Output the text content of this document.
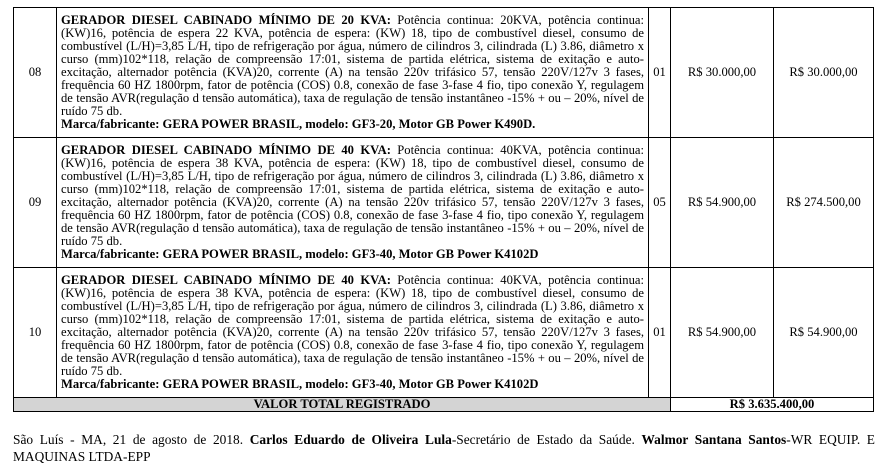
08	GERADOR DIESEL CABINADO MÍNIMO DE 20 KVA: Potência continua: 20KVA, potência continua: (KW)16, potência de espera 22 KVA, potência de espera: (KW) 18, tipo de combustível diesel, consumo de combustível (L/H)=3,85 L/H, tipo de refrigeração por água, número de cilindros 3, cilindrada (L) 3.86, diâmetro x curso (mm)102*118, relação de compreensão 17:01, sistema de partida elétrica, sistema de exitação e auto-excitação, alternador potência (KVA)20, corrente (A) na tensão 220v trifásico 57, tensão 220V/127v 3 fases, frequência 60 HZ 1800rpm, fator de potência (COS) 0.8, conexão de fase 3-fase 4 fio, tipo conexão Y, regulagem de tensão AVR(regulação d tensão automática), taxa de regulação de tensão instantâneo -15% + ou – 20%, nível de ruído 75 db.
Marca/fabricante: GERA POWER BRASIL, modelo: GF3-20, Motor GB Power K490D.	01	R$ 30.000,00	R$ 30.000,00
09	GERADOR DIESEL CABINADO MÍNIMO DE 40 KVA: Potência continua: 40KVA, potência continua: (KW)16, potência de espera 38 KVA, potência de espera: (KW) 18, tipo de combustível diesel, consumo de combustível (L/H)=3,85 L/H, tipo de refrigeração por água, número de cilindros 3, cilindrada (L) 3.86, diâmetro x curso (mm)102*118, relação de compreensão 17:01, sistema de partida elétrica, sistema de exitação e auto-excitação, alternador potência (KVA)20, corrente (A) na tensão 220v trifásico 57, tensão 220V/127v 3 fases, frequência 60 HZ 1800rpm, fator de potência (COS) 0.8, conexão de fase 3-fase 4 fio, tipo conexão Y, regulagem de tensão AVR(regulação d tensão automática), taxa de regulação de tensão instantâneo -15% + ou – 20%, nível de ruído 75 db.
Marca/fabricante: GERA POWER BRASIL, modelo: GF3-40, Motor GB Power K4102D	05	R$ 54.900,00	R$ 274.500,00
10	GERADOR DIESEL CABINADO MÍNIMO DE 40 KVA: Potência continua: 40KVA, potência continua: (KW)16, potência de espera 38 KVA, potência de espera: (KW) 18, tipo de combustível diesel, consumo de combustível (L/H)=3,85 L/H, tipo de refrigeração por água, número de cilindros 3, cilindrada (L) 3.86, diâmetro x curso (mm)102*118, relação de compreensão 17:01, sistema de partida elétrica, sistema de exitação e auto-excitação, alternador potência (KVA)20, corrente (A) na tensão 220v trifásico 57, tensão 220V/127v 3 fases, frequência 60 HZ 1800rpm, fator de potência (COS) 0.8, conexão de fase 3-fase 4 fio, tipo conexão Y, regulagem de tensão AVR(regulação d tensão automática), taxa de regulação de tensão instantâneo -15% + ou – 20%, nível de ruído 75 db.
Marca/fabricante: GERA POWER BRASIL, modelo: GF3-40, Motor GB Power K4102D	01	R$ 54.900,00	R$ 54.900,00
VALOR TOTAL REGISTRADO			R$ 3.635.400,00	
São Luís - MA, 21 de agosto de 2018. Carlos Eduardo de Oliveira Lula-Secretário de Estado da Saúde. Walmor Santana Santos-WR EQUIP. E MAQUINAS LTDA-EPP
